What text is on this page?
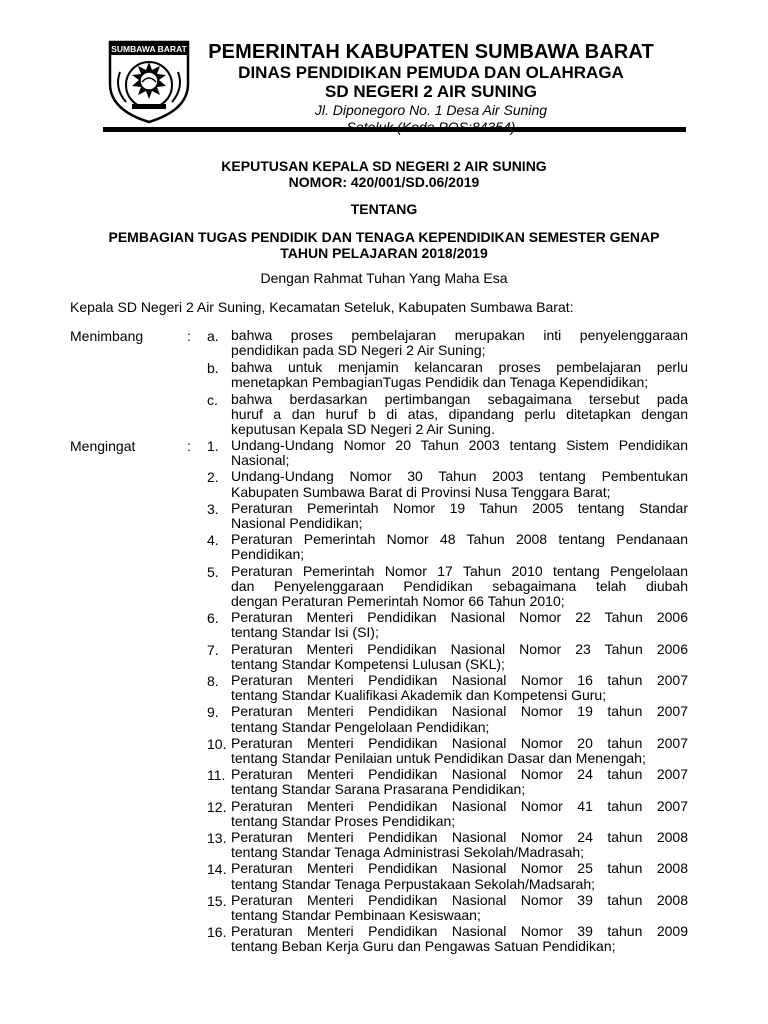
SUMBAWA BARAT	PEMERINTAH KABUPATEN SUMBAWA BARAT
DINAS PENDIDIKAN PEMUDA DAN OLAHRAGA
SD NEGERI 2 AIR SUNING
Jl. Diponegoro No. 1 Desa Air Suning
KEPUTUSAN KEPALA SD NEGERI 2 AIR SUNING
NOMOR: 420/001/SD.06/2019
TENTANG
PEMBAGIAN TUGAS PENDIDIK DAN TENAGA KEPENDIDIKAN SEMESTER GENAP
TAHUN PELAJARAN 2018/2019
Dengan Rahmat Tuhan Yang Maha Esa
Kepala SD Negeri 2 Air Suning, Kecamatan Seteluk, Kabupaten Sumbawa Barat:
Menimbang	: a. bahwa proses pembelajaran merupakan inti penyelenggaraan
pendidikan pada SD Negeri 2 Air Suning;
b. bahwa untuk menjamin kelancaran proses pembelajaran perlu
menetapkan PembagianTugas Pendidik dan Tenaga Kependidikan;
c. bahwa berdasarkan pertimbangan sebagaimana tersebut pada
huruf a dan huruf b di atas, dipandang perlu ditetapkan dengan
keputusan Kepala SD Negeri 2 Air Suning.
Mengingat	: 1. Undang-Undang Nomor 20 Tahun 2003 tentang Sistem Pendidikan
Nasional;
2. Undang-Undang Nomor 30 Tahun 2003 tentang Pembentukan
Kabupaten Sumbawa Barat di Provinsi Nusa Tenggara Barat;
3. Peraturan Pemerintah Nomor 19 Tahun 2005 tentang Standar
Nasional Pendidikan;
4. Peraturan Pemerintah Nomor 48 Tahun 2008 tentang Pendanaan
Pendidikan;
5. Peraturan Pemerintah Nomor 17 Tahun 2010 tentang Pengelolaan
dan Penyelenggaraan Pendidikan sebagaimana telah diubah
dengan Peraturan Pemerintah Nomor 66 Tahun 2010;
6. Peraturan Menteri Pendidikan Nasional Nomor 22 Tahun 2006
tentang Standar Isi (SI);
7. Peraturan Menteri Pendidikan Nasional Nomor 23 Tahun 2006
tentang Standar Kompetensi Lulusan (SKL);
8. Peraturan Menteri Pendidikan Nasional Nomor 16 tahun 2007
tentang Standar Kualifikasi Akademik dan Kompetensi Guru;
9. Peraturan Menteri Pendidikan Nasional Nomor 19 tahun 2007
tentang Standar Pengelolaan Pendidikan;
10. Peraturan Menteri Pendidikan Nasional Nomor 20 tahun 2007
tentang Standar Penilaian untuk Pendidikan Dasar dan Menengah;
11. Peraturan Menteri Pendidikan Nasional Nomor 24 tahun 2007
tentang Standar Sarana Prasarana Pendidikan;
12. Peraturan Menteri Pendidikan Nasional Nomor 41 tahun 2007
tentang Standar Proses Pendidikan;
13. Peraturan Menteri Pendidikan Nasional Nomor 24 tahun 2008
tentang Standar Tenaga Administrasi Sekolah/Madrasah;
14. Peraturan Menteri Pendidikan Nasional Nomor 25 tahun 2008
tentang Standar Tenaga Perpustakaan Sekolah/Madsarah;
15. Peraturan Menteri Pendidikan Nasional Nomor 39 tahun 2008
tentang Standar Pembinaan Kesiswaan;
16. Peraturan Menteri Pendidikan Nasional Nomor 39 tahun 2009
tentang Beban Kerja Guru dan Pengawas Satuan Pendidikan;
